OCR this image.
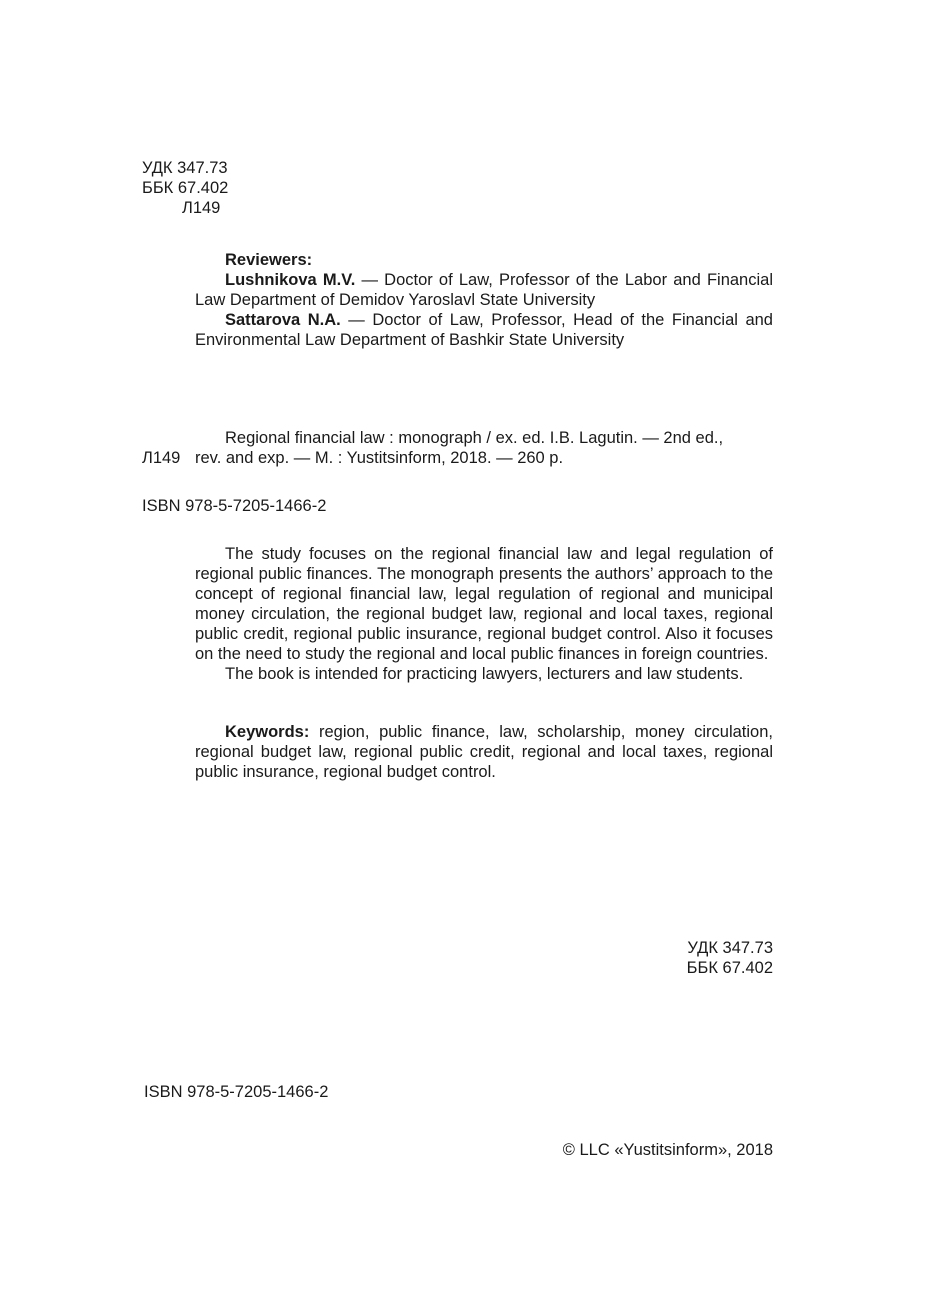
УДК 347.73
ББК 67.402
Л149

Reviewers:

Lushnikova M.V. — Doctor of Law, Professor of the Labor and Financial Law Department of Demidov Yaroslavl State University

Sattarova N.A. — Doctor of Law, Professor, Head of the Financial and Environmental Law Department of Bashkir State University

Regional financial law : monograph / ex. ed. I.B. Lagutin. — 2nd ed.,
Л149 rev. and exp. — M. : Yustitsinform, 2018. — 260 p.
ISBN 978-5-7205-1466-2

The study focuses on the regional financial law and legal regulation of regional public finances. The monograph presents the authors’ approach to the concept of regional financial law, legal regulation of regional and municipal money circulation, the regional budget law, regional and local taxes, regional public credit, regional public insurance, regional budget control. Also it focuses on the need to study the regional and local public finances in foreign countries.

The book is intended for practicing lawyers, lecturers and law students.

Keywords: region, public finance, law, scholarship, money circulation, regional budget law, regional public credit, regional and local taxes, regional public insurance, regional budget control.

УДК 347.73
ББК 67.402
ISBN 978-5-7205-1466-2
© LLC «Yustitsinform», 2018
